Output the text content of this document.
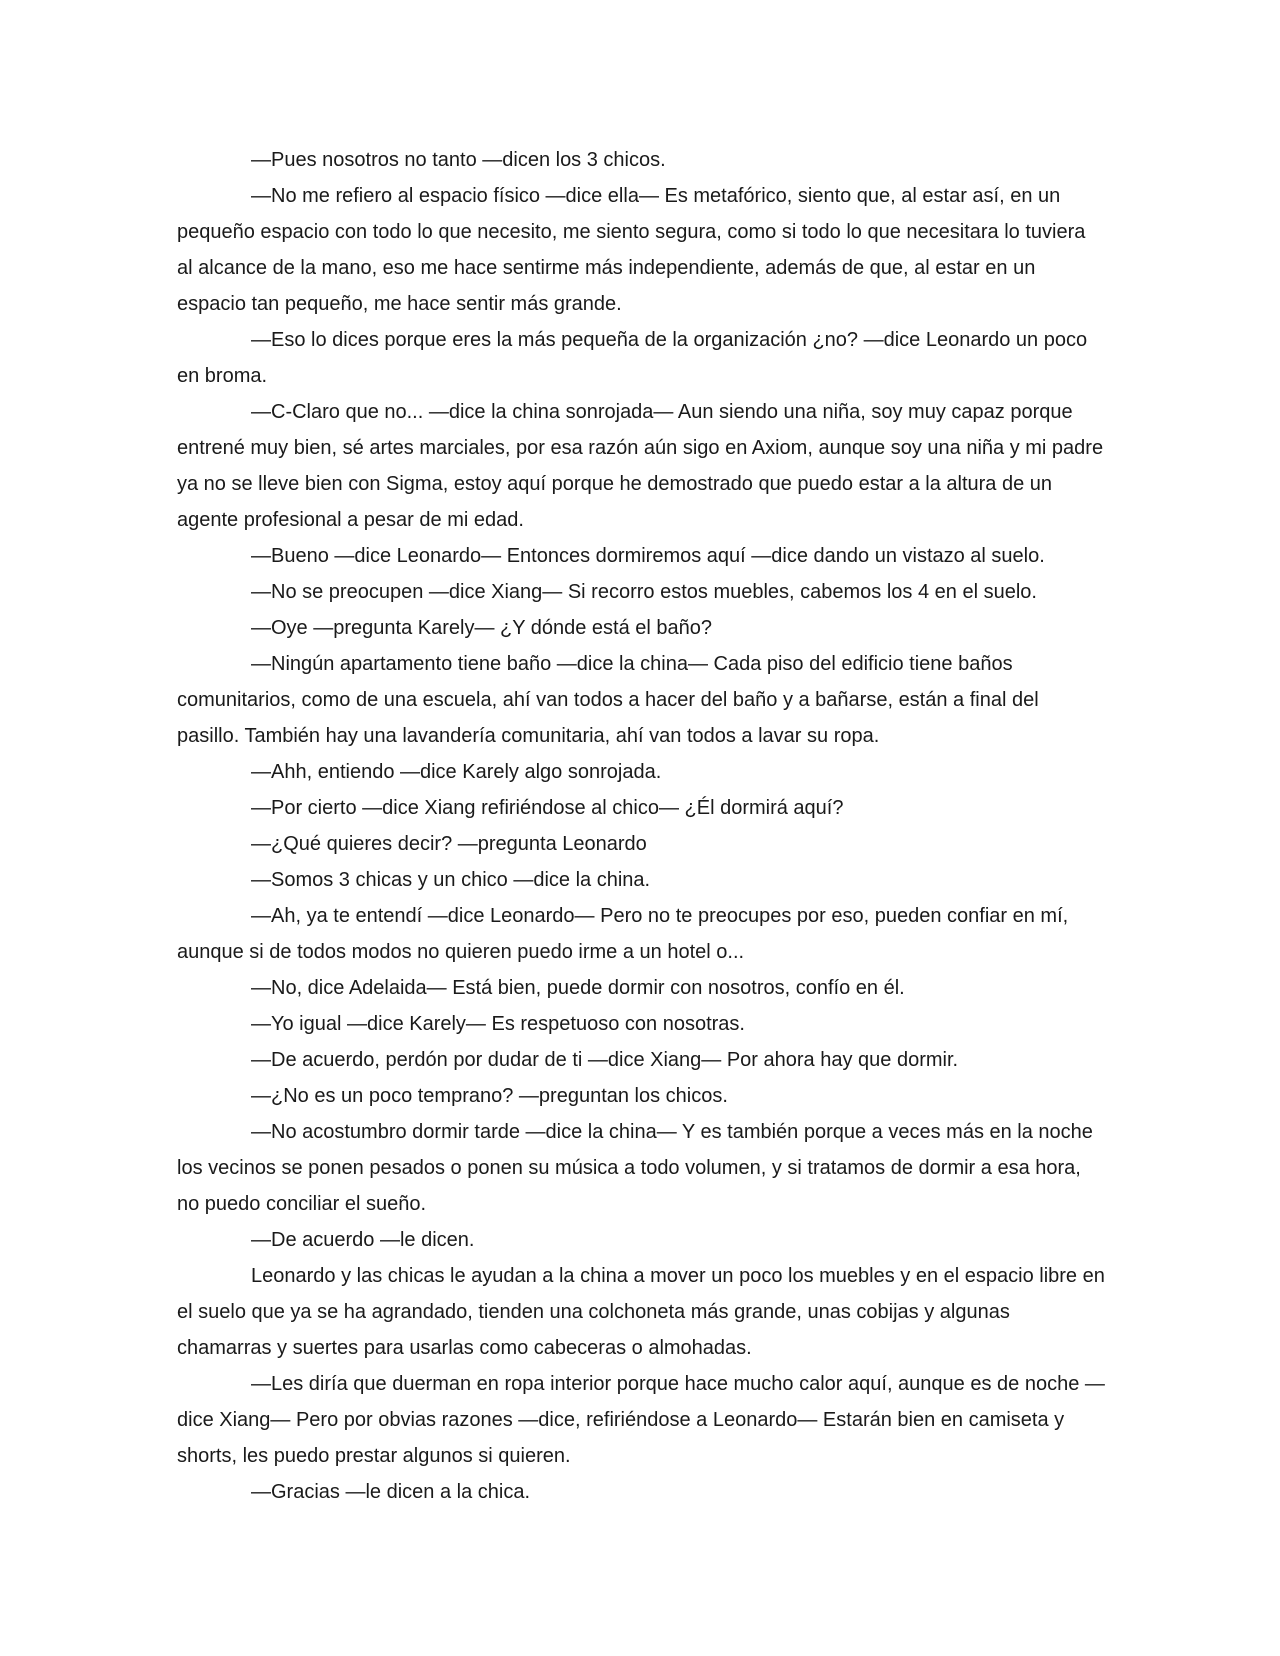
—Pues nosotros no tanto —dicen los 3 chicos.

—No me refiero al espacio físico —dice ella— Es metafórico, siento que, al estar así, en un pequeño espacio con todo lo que necesito, me siento segura, como si todo lo que necesitara lo tuviera al alcance de la mano, eso me hace sentirme más independiente, además de que, al estar en un espacio tan pequeño, me hace sentir más grande.

—Eso lo dices porque eres la más pequeña de la organización ¿no? —dice Leonardo un poco en broma.

—C-Claro que no... —dice la china sonrojada— Aun siendo una niña, soy muy capaz porque entrené muy bien, sé artes marciales, por esa razón aún sigo en Axiom, aunque soy una niña y mi padre ya no se lleve bien con Sigma, estoy aquí porque he demostrado que puedo estar a la altura de un agente profesional a pesar de mi edad.

—Bueno —dice Leonardo— Entonces dormiremos aquí —dice dando un vistazo al suelo.

—No se preocupen —dice Xiang— Si recorro estos muebles, cabemos los 4 en el suelo.

—Oye —pregunta Karely— ¿Y dónde está el baño?

—Ningún apartamento tiene baño —dice la china— Cada piso del edificio tiene baños comunitarios, como de una escuela, ahí van todos a hacer del baño y a bañarse, están a final del pasillo. También hay una lavandería comunitaria, ahí van todos a lavar su ropa.

—Ahh, entiendo —dice Karely algo sonrojada.

—Por cierto —dice Xiang refiriéndose al chico— ¿Él dormirá aquí?

—¿Qué quieres decir? —pregunta Leonardo

—Somos 3 chicas y un chico —dice la china.

—Ah, ya te entendí —dice Leonardo— Pero no te preocupes por eso, pueden confiar en mí, aunque si de todos modos no quieren puedo irme a un hotel o...

—No, dice Adelaida— Está bien, puede dormir con nosotros, confío en él.

—Yo igual —dice Karely— Es respetuoso con nosotras.

—De acuerdo, perdón por dudar de ti —dice Xiang— Por ahora hay que dormir.

—¿No es un poco temprano? —preguntan los chicos.

—No acostumbro dormir tarde —dice la china— Y es también porque a veces más en la noche los vecinos se ponen pesados o ponen su música a todo volumen, y si tratamos de dormir a esa hora, no puedo conciliar el sueño.

—De acuerdo —le dicen.

Leonardo y las chicas le ayudan a la china a mover un poco los muebles y en el espacio libre en el suelo que ya se ha agrandado, tienden una colchoneta más grande, unas cobijas y algunas chamarras y suertes para usarlas como cabeceras o almohadas.

—Les diría que duerman en ropa interior porque hace mucho calor aquí, aunque es de noche —dice Xiang— Pero por obvias razones —dice, refiriéndose a Leonardo— Estarán bien en camiseta y shorts, les puedo prestar algunos si quieren.

—Gracias —le dicen a la chica.
